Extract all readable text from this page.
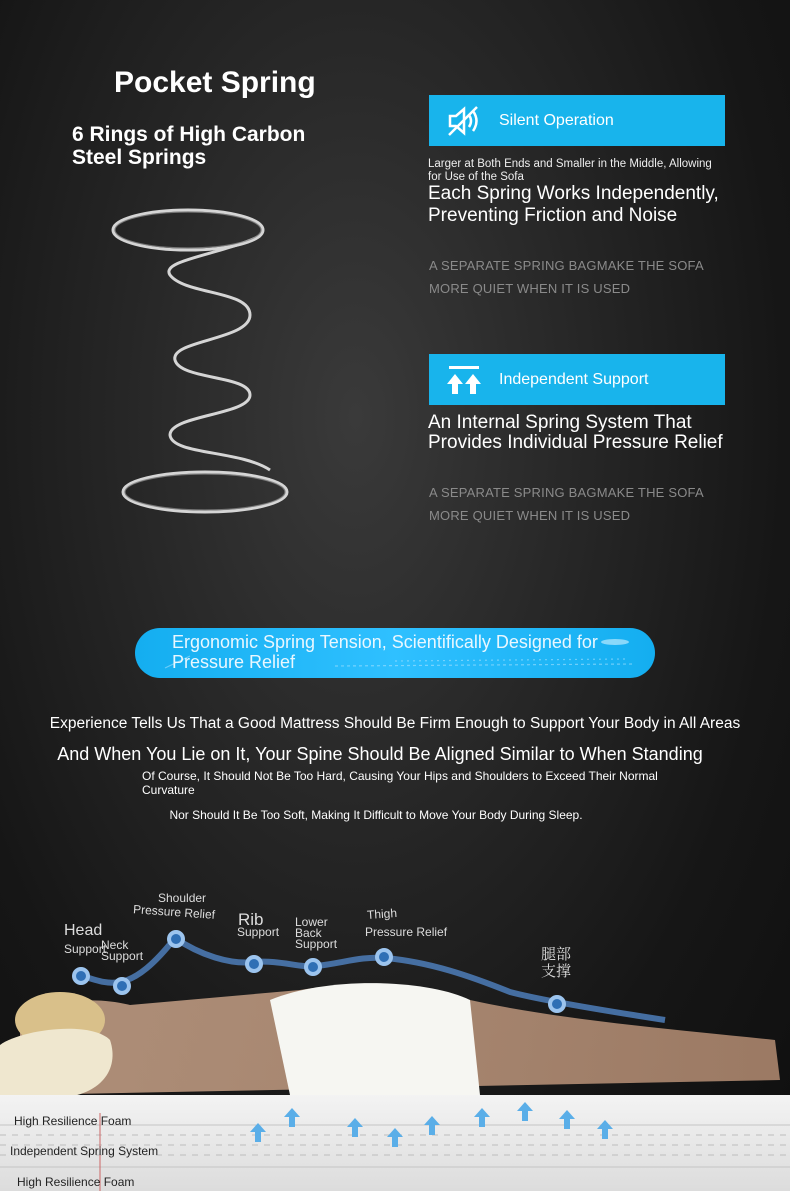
Pocket Spring
6 Rings of High Carbon Steel Springs
Silent Operation
Larger at Both Ends and Smaller in the Middle, Allowing for Use of the Sofa
Each Spring Works Independently, Preventing Friction and Noise
A SEPARATE SPRING BAGMAKE THE SOFA MORE QUIET WHEN IT IS USED
Independent Support
An Internal Spring System That Provides Individual Pressure Relief
A SEPARATE SPRING BAGMAKE THE SOFA MORE QUIET WHEN IT IS USED
Ergonomic Spring Tension, Scientifically Designed for Pressure Relief
Experience Tells Us That a Good Mattress Should Be Firm Enough to Support Your Body in All Areas
And When You Lie on It, Your Spine Should Be Aligned Similar to When Standing
Of Course, It Should Not Be Too Hard, Causing Your Hips and Shoulders to Exceed Their Normal Curvature
Nor Should It Be Too Soft, Making It Difficult to Move Your Body During Sleep.
Head
Support
Neck Support
Shoulder
Pressure Relief Rib
Support
Lower Back Support
Thigh
Pressure Relief
腿部支撑
High Resilience Foam
Independent Spring System
High Resilience Foam
